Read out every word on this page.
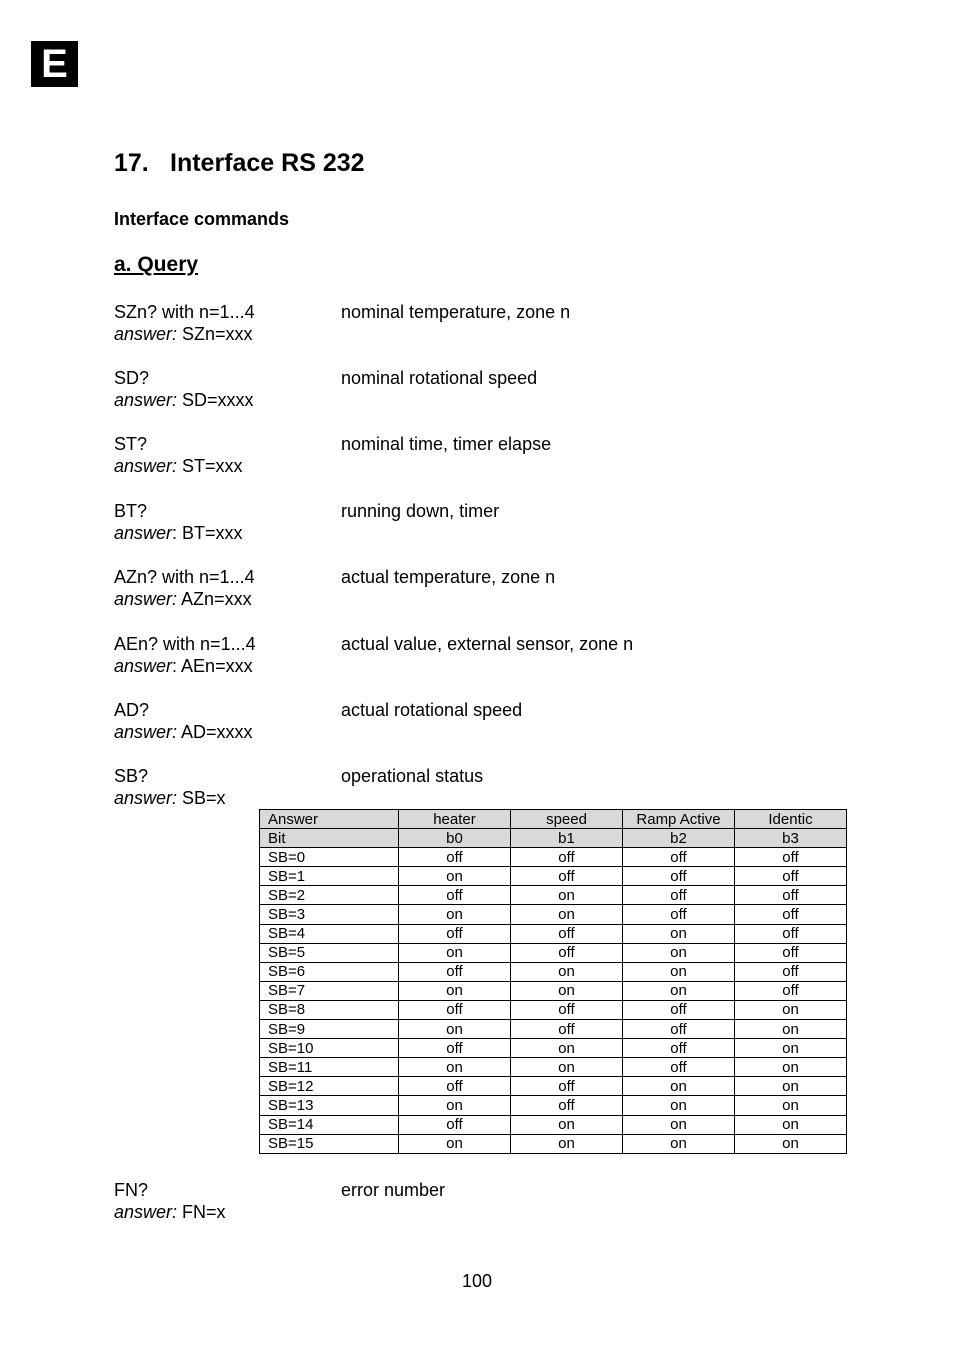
E
17. Interface RS 232
Interface commands
a. Query
SZn? with n=1...4	nominal temperature, zone n
answer: SZn=xxx
SD?	nominal rotational speed
answer: SD=xxxx
ST?	nominal time, timer elapse
answer: ST=xxx
BT?	running down, timer
answer: BT=xxx
AZn? with n=1...4	actual temperature, zone n
answer: AZn=xxx
AEn? with n=1...4	actual value, external sensor, zone n
answer: AEn=xxx
AD?	actual rotational speed
answer: AD=xxxx
SB?	operational status
answer: SB=x
Answer	heater	speed	Ramp Active	Identic
Bit	b0	b1	b2	b3
SB=0	off	off	off	off
SB=1	on	off	off	off
SB=2	off	on	off	off
SB=3	on	on	off	off
SB=4	off	off	on	off
SB=5	on	off	on	off
SB=6	off	on	on	off
SB=7	on	on	on	off
SB=8	off	off	off	on
SB=9	on	off	off	on
SB=10	off	on	off	on
SB=11	on	on	off	on
SB=12	off	off	on	on
SB=13	on	off	on	on
SB=14	off	on	on	on
SB=15	on	on	on	on
FN?	error number
answer: FN=x
100
